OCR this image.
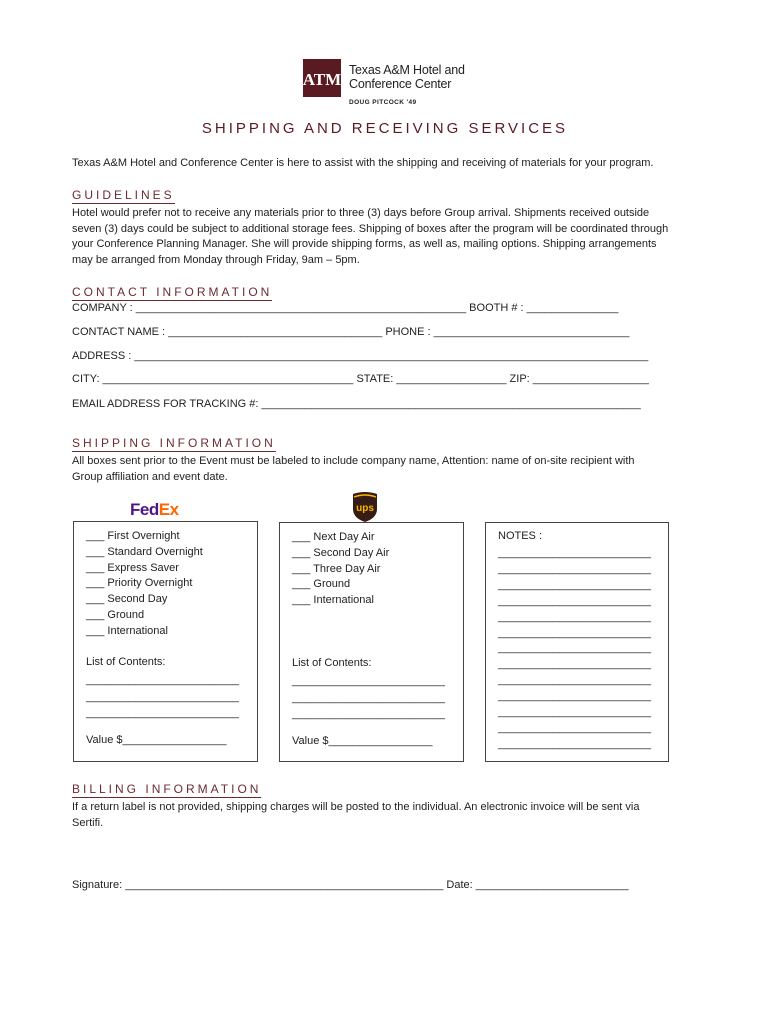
ATM Texas A&M Hotel and
Conference Center
DOUG PITCOCK '49
SHIPPING AND RECEIVING SERVICES
Texas A&M Hotel and Conference Center is here to assist with the shipping and receiving of materials for your program.
GUIDELINES
Hotel would prefer not to receive any materials prior to three (3) days before Group arrival. Shipments received outside
seven (3) days could be subject to additional storage fees. Shipping of boxes after the program will be coordinated through
your Conference Planning Manager. She will provide shipping forms, as well as, mailing options. Shipping arrangements
may be arranged from Monday through Friday, 9am – 5pm.
CONTACT INFORMATION
COMPANY : ______________________________________________________ BOOTH # : _______________
CONTACT NAME : ___________________________________ PHONE : ________________________________
ADDRESS : ____________________________________________________________________________________
CITY: _________________________________________ STATE: __________________ ZIP: ___________________
EMAIL ADDRESS FOR TRACKING #: ______________________________________________________________
SHIPPING INFORMATION
All boxes sent prior to the Event must be labeled to include company name, Attention: name of on-site recipient with
Group affiliation and event date.
FedEx	ups
___ First Overnight
___ Standard Overnight
___ Express Saver
___ Priority Overnight
___ Second Day
___ Ground
___ International
List of Contents:
_________________________
_________________________
_________________________
Value $_________________
___ Next Day Air
___ Second Day Air
___ Three Day Air
___ Ground
___ International
List of Contents:
_________________________
_________________________
_________________________
Value $_________________
NOTES :
_________________________
_________________________
_________________________
_________________________
_________________________
_________________________
_________________________
_________________________
_________________________
_________________________
_________________________
_________________________
_________________________
BILLING INFORMATION
If a return label is not provided, shipping charges will be posted to the individual. An electronic invoice will be sent via
Sertifi.
Signature: ____________________________________________________ Date: _________________________
